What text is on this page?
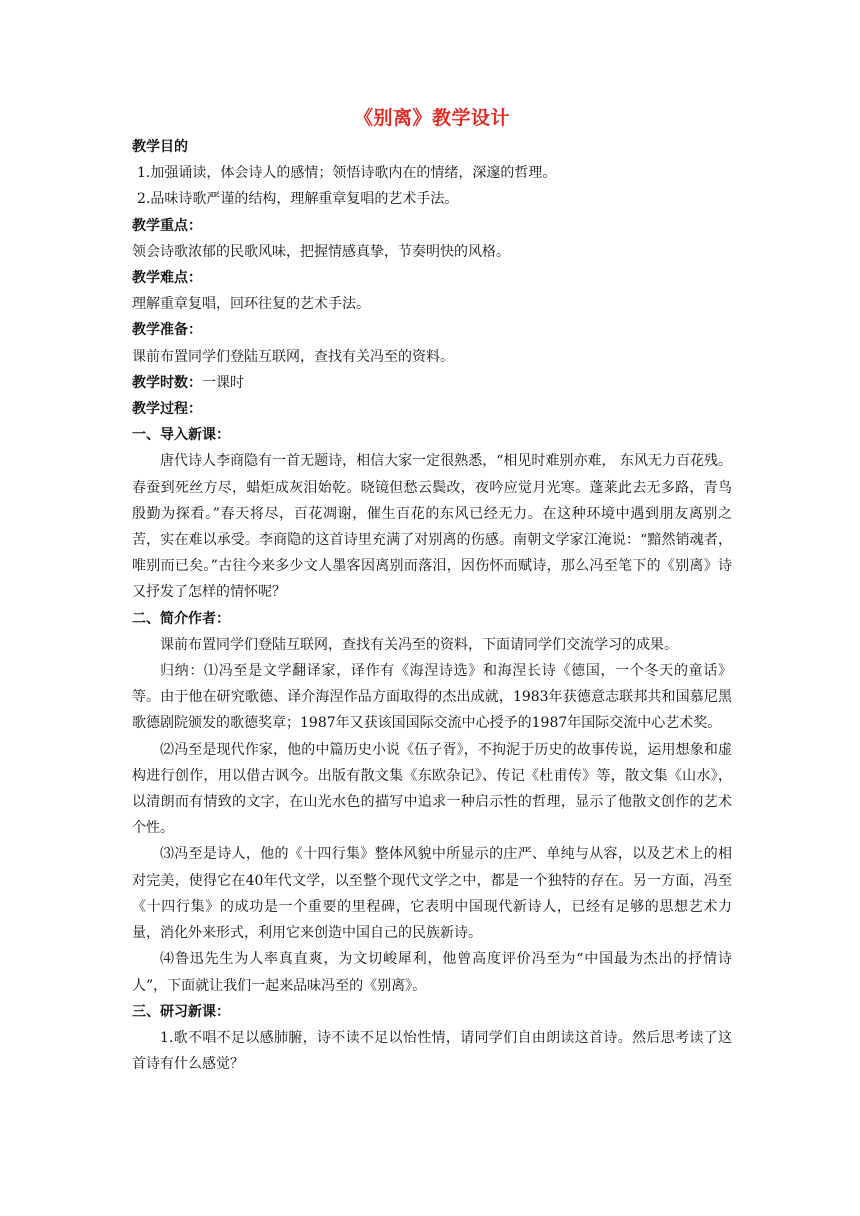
《别离》教学设计

教学目的

1.加强诵读，体会诗人的感情；领悟诗歌内在的情绪，深邃的哲理。

2.品味诗歌严谨的结构，理解重章复唱的艺术手法。

教学重点：

领会诗歌浓郁的民歌风味，把握情感真挚，节奏明快的风格。

教学难点：

理解重章复唱，回环往复的艺术手法。

教学准备：

课前布置同学们登陆互联网，查找有关冯至的资料。

教学时数：一课时

教学过程：

一、导入新课：

唐代诗人李商隐有一首无题诗，相信大家一定很熟悉，“相见时难别亦难， 东风无力百花残。春蚕到死丝方尽，蜡炬成灰泪始乾。晓镜但愁云鬓改，夜吟应觉月光寒。蓬莱此去无多路，青鸟殷勤为探看。”春天将尽，百花凋谢，催生百花的东风已经无力。在这种环境中遇到朋友离别之苦，实在难以承受。李商隐的这首诗里充满了对别离的伤感。南朝文学家江淹说：“黯然销魂者，唯别而已矣。”古往今来多少文人墨客因离别而落泪，因伤怀而赋诗，那么冯至笔下的《别离》诗又抒发了怎样的情怀呢？

二、简介作者：

课前布置同学们登陆互联网，查找有关冯至的资料，下面请同学们交流学习的成果。

归纳：⑴冯至是文学翻译家，译作有《海涅诗选》和海涅长诗《德国，一个冬天的童话》等。由于他在研究歌德、译介海涅作品方面取得的杰出成就，1983年获德意志联邦共和国慕尼黑歌德剧院颁发的歌德奖章；1987年又获该国国际交流中心授予的1987年国际交流中心艺术奖。

⑵冯至是现代作家，他的中篇历史小说《伍子胥》，不拘泥于历史的故事传说，运用想象和虚构进行创作，用以借古讽今。出版有散文集《东欧杂记》、传记《杜甫传》等，散文集《山水》，以清朗而有情致的文字，在山光水色的描写中追求一种启示性的哲理，显示了他散文创作的艺术个性。

⑶冯至是诗人，他的《十四行集》整体风貌中所显示的庄严、单纯与从容，以及艺术上的相对完美，使得它在40年代文学，以至整个现代文学之中，都是一个独特的存在。另一方面，冯至《十四行集》的成功是一个重要的里程碑，它表明中国现代新诗人，已经有足够的思想艺术力量，消化外来形式，利用它来创造中国自己的民族新诗。

⑷鲁迅先生为人率真直爽，为文切峻犀利，他曾高度评价冯至为“中国最为杰出的抒情诗人”，下面就让我们一起来品味冯至的《别离》。

三、研习新课：

1.歌不唱不足以感肺腑，诗不读不足以怡性情，请同学们自由朗读这首诗。然后思考读了这首诗有什么感觉？
